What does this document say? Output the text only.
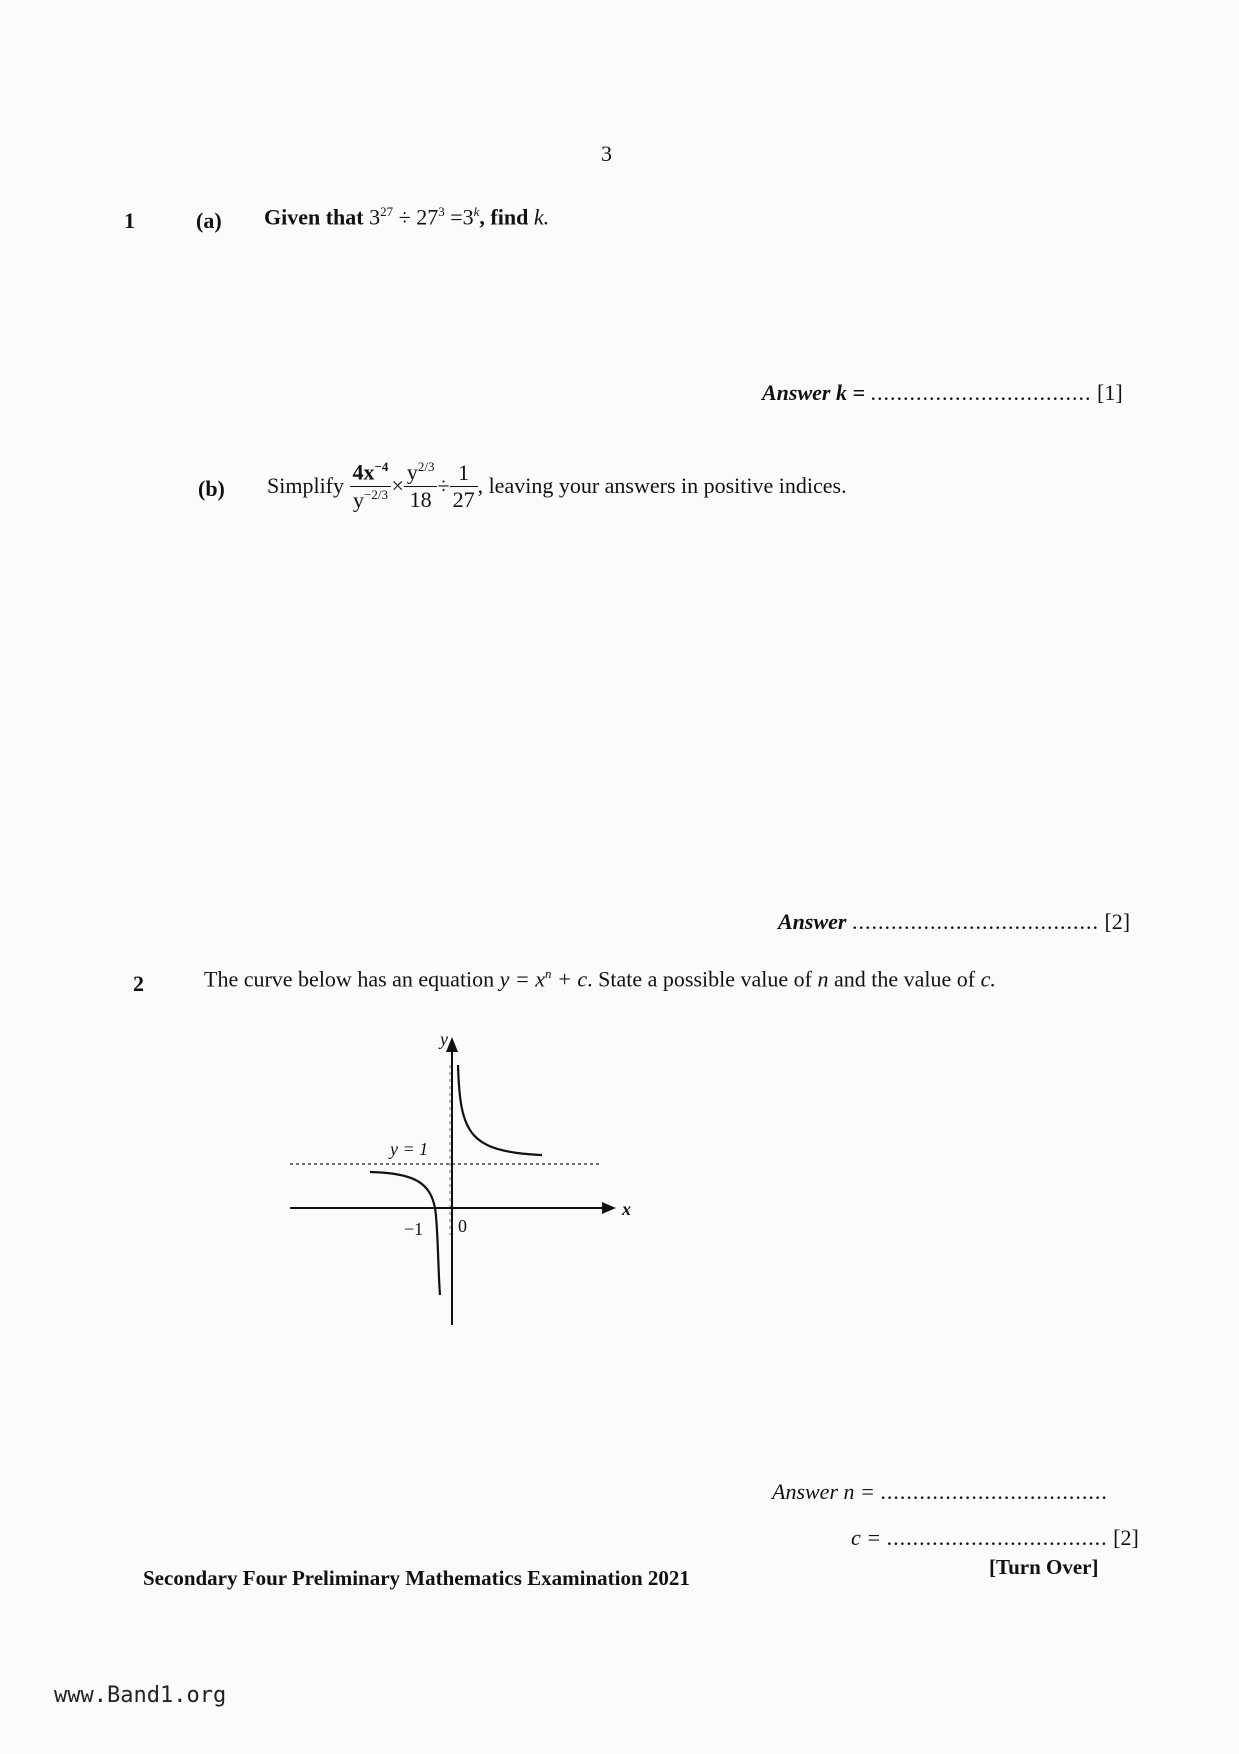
3
1	(a) Given that $3^{27} \div 27^3 =3^k$, find k.
Answer k = .................................. [1]
(b) Simplify
$\frac{4x^{-4}}{y^{-2/3}} \times \frac{y^{2/3}}{18} \div \frac{1}{27}$ , leaving your answers in positive indices.
Answer ...................................... [2]
2	The curve below has an equation $y = x^n + c$. State a possible value of n and the value of c.
y
x
y = 1
−1 0
Answer n = ...................................
c = .................................. [2]
Secondary Four Preliminary Mathematics Examination 2021	[Turn Over]
www.Band1.org
